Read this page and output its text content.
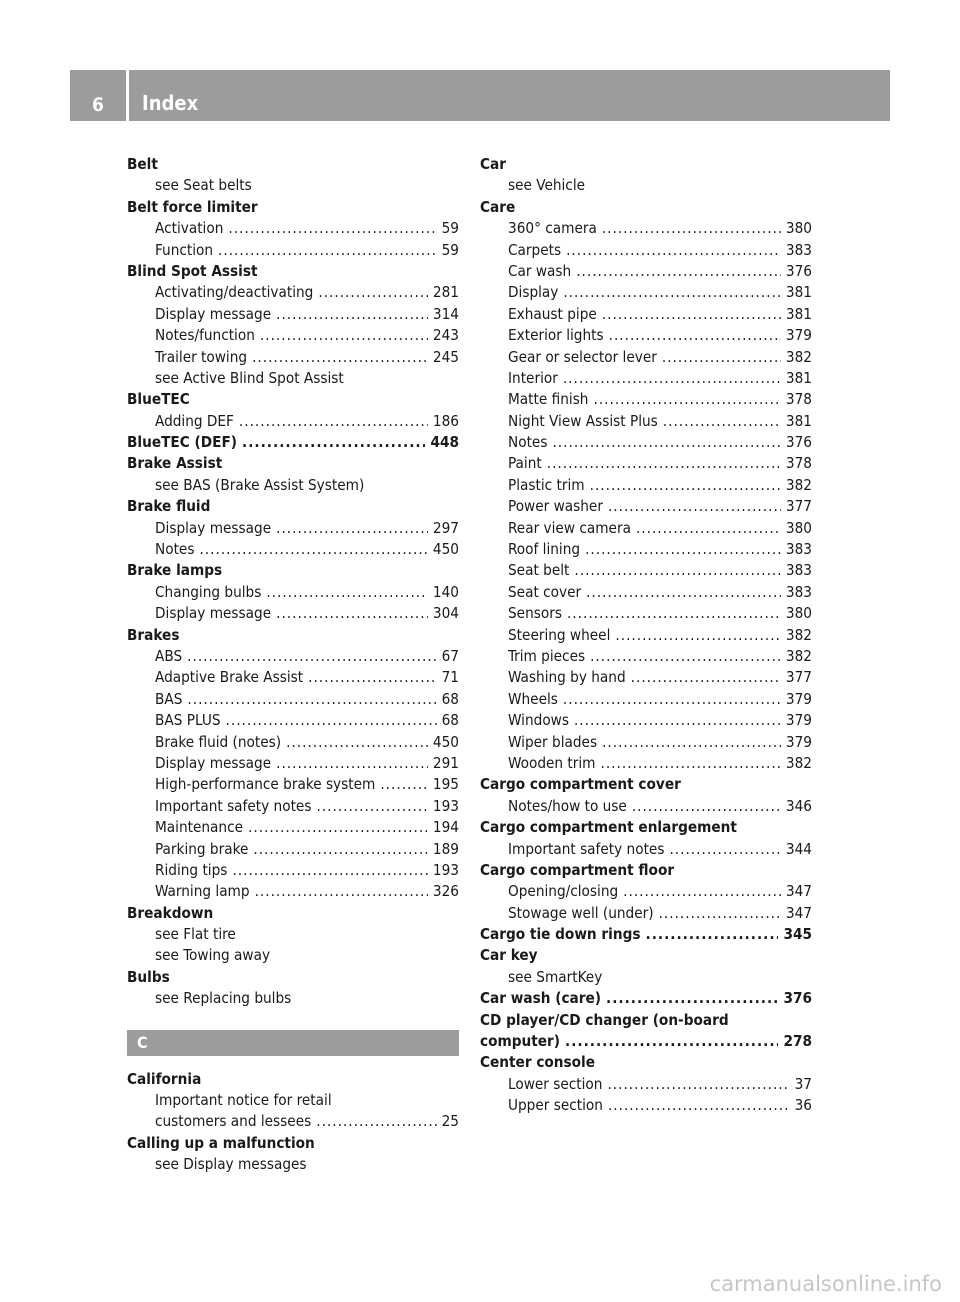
6	Index
Belt
see Seat belts
Belt force limiter
Activation .....	59
Function .....	59
Blind Spot Assist
Activating/deactivating .....	281
Display message .....	314
Notes/function .....	243
Trailer towing .....	245
see Active Blind Spot Assist
BlueTEC
Adding DEF .....	186
BlueTEC (DEF) .....	448
Brake Assist
see BAS (Brake Assist System)
Brake fluid
Display message .....	297
Notes .....	450
Brake lamps
Changing bulbs .....	140
Display message .....	304
Brakes
ABS .....	67
Adaptive Brake Assist .....	71
BAS .....	68
BAS PLUS .....	68
Brake fluid (notes) .....	450
Display message .....	291
High-performance brake system .....	195
Important safety notes .....	193
Maintenance .....	194
Parking brake .....	189
Riding tips .....	193
Warning lamp .....	326
Breakdown
see Flat tire
see Towing away
Bulbs
see Replacing bulbs
C
California
Important notice for retail
customers and lessees .....	25
Calling up a malfunction
see Display messages
Car
see Vehicle
Care
360° camera .....	380
Carpets .....	383
Car wash .....	376
Display .....	381
Exhaust pipe .....	381
Exterior lights .....	379
Gear or selector lever .....	382
Interior .....	381
Matte finish .....	378
Night View Assist Plus .....	381
Notes .....	376
Paint .....	378
Plastic trim .....	382
Power washer .....	377
Rear view camera .....	380
Roof lining .....	383
Seat belt .....	383
Seat cover .....	383
Sensors .....	380
Steering wheel .....	382
Trim pieces .....	382
Washing by hand .....	377
Wheels .....	379
Windows .....	379
Wiper blades .....	379
Wooden trim .....	382
Cargo compartment cover
Notes/how to use .....	346
Cargo compartment enlargement
Important safety notes .....	344
Cargo compartment floor
Opening/closing .....	347
Stowage well (under) .....	347
Cargo tie down rings .....	345
Car key
see SmartKey
Car wash (care) .....	376
CD player/CD changer (on-board
computer) .....	278
Center console
Lower section .....	37
Upper section .....	36
carmanualsonline.info
